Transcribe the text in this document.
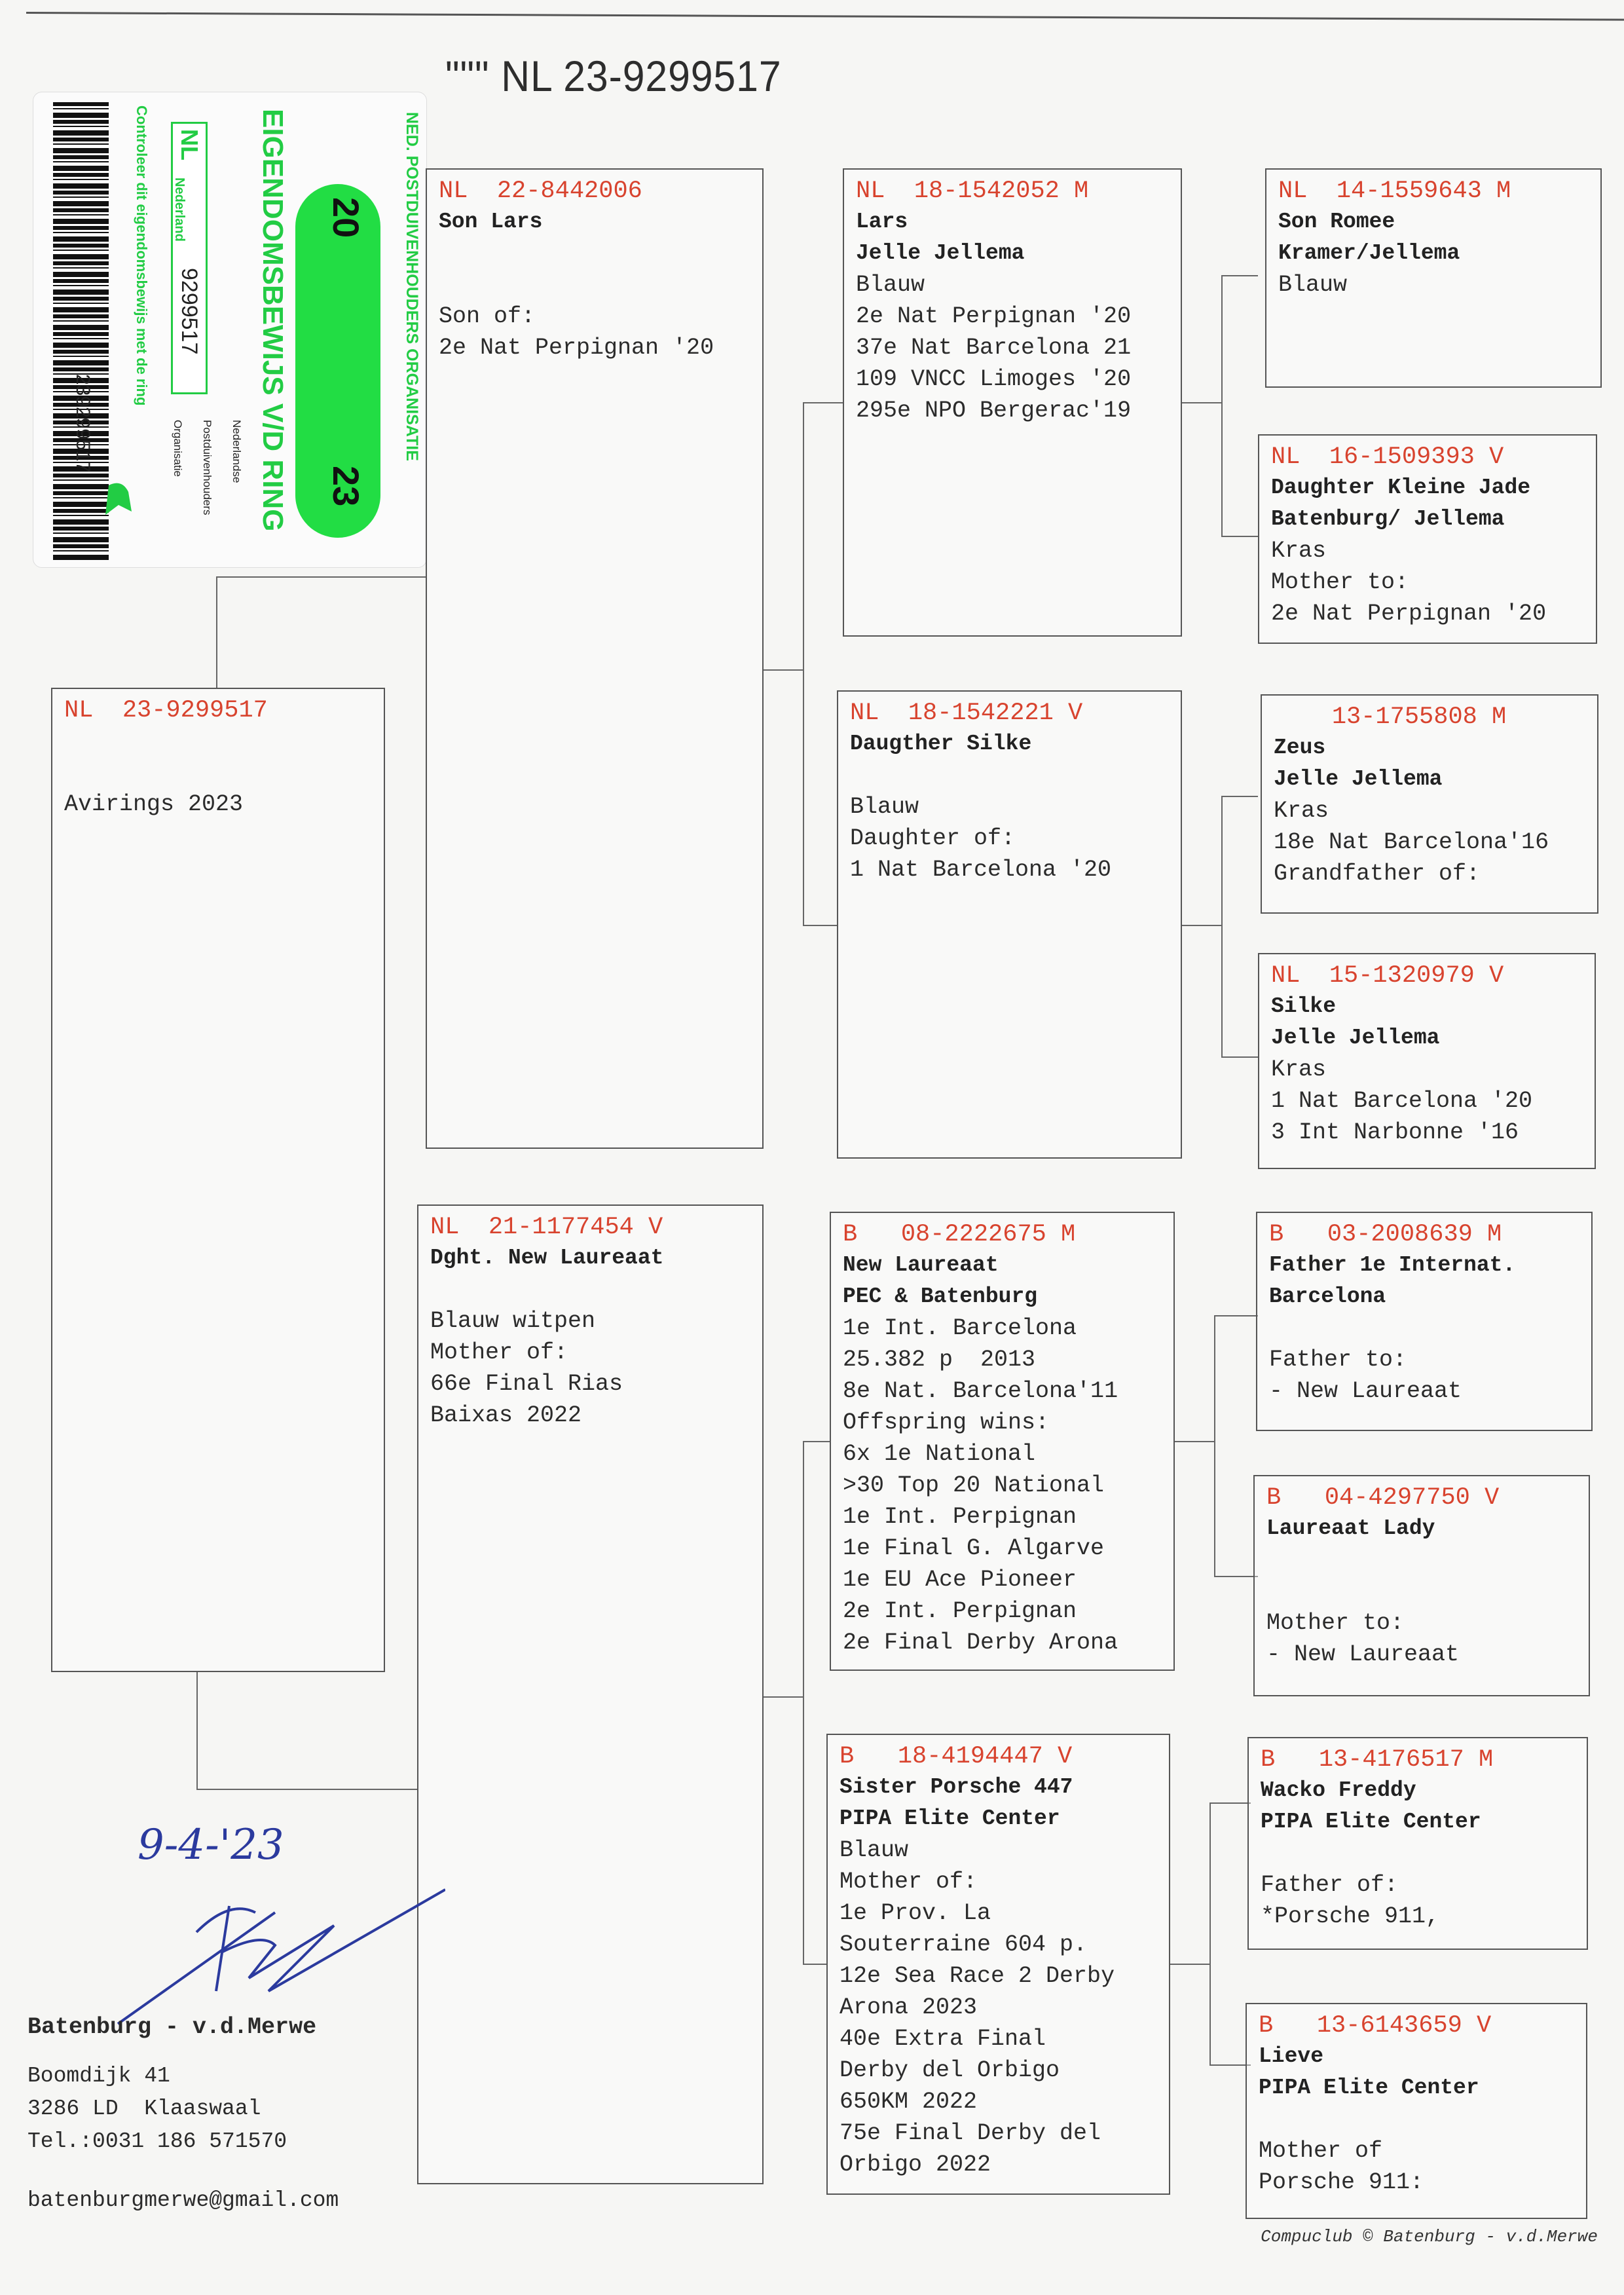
""" NL 23-9299517
239299517
Controleer dit eigendomsbewijs met de ring NL
9299517
Nederland	20
23
EIGENDOMSBEWIJS V/D RING	NED. POSTDUIVENHOUDERS ORGANISATIE
Nederlandse
Postduivenhouders
Organisatie
NL  23-9299517
Avirings 2023
NL  22-8442006
Son Lars
Son of:
2e Nat Perpignan '20
NL  21-1177454 V
Dght. New Laureaat
Blauw witpen
Mother of:
66e Final Rias
Baixas 2022
NL  18-1542052 M
Lars
Jelle Jellema
Blauw
2e Nat Perpignan '20
37e Nat Barcelona 21
109 VNCC Limoges '20
295e NPO Bergerac'19
NL  18-1542221 V
Daugther Silke
Blauw
Daughter of:
1 Nat Barcelona '20
B   08-2222675 M
New Laureaat
PEC & Batenburg
1e Int. Barcelona
25.382 p  2013
8e Nat. Barcelona'11
Offspring wins:
6x 1e National
>30 Top 20 National
1e Int. Perpignan
1e Final G. Algarve
1e EU Ace Pioneer
2e Int. Perpignan
2e Final Derby Arona
B   18-4194447 V
Sister Porsche 447
PIPA Elite Center
Blauw
Mother of:
1e Prov. La
Souterraine 604 p.
12e Sea Race 2 Derby
Arona 2023
40e Extra Final
Derby del Orbigo
650KM 2022
75e Final Derby del
Orbigo 2022
NL  14-1559643 M
Son Romee
Kramer/Jellema
Blauw
NL  16-1509393 V
Daughter Kleine Jade
Batenburg/ Jellema
Kras
Mother to:
2e Nat Perpignan '20
13-1755808 M
Zeus
Jelle Jellema
Kras
18e Nat Barcelona'16
Grandfather of:
NL  15-1320979 V
Silke
Jelle Jellema
Kras
1 Nat Barcelona '20
3 Int Narbonne '16
B   03-2008639 M
Father 1e Internat.
Barcelona
Father to:
- New Laureaat
B   04-4297750 V
Laureaat Lady
Mother to:
- New Laureaat
B   13-4176517 M
Wacko Freddy
PIPA Elite Center
Father of:
*Porsche 911,
B   13-6143659 V
Lieve
PIPA Elite Center
Mother of
Porsche 911:
9-4-'23
Batenburg - v.d.Merwe
Boomdijk 41
3286 LD  Klaaswaal
Tel.:0031 186 571570
batenburgmerwe@gmail.com
Compuclub © Batenburg - v.d.Merwe
